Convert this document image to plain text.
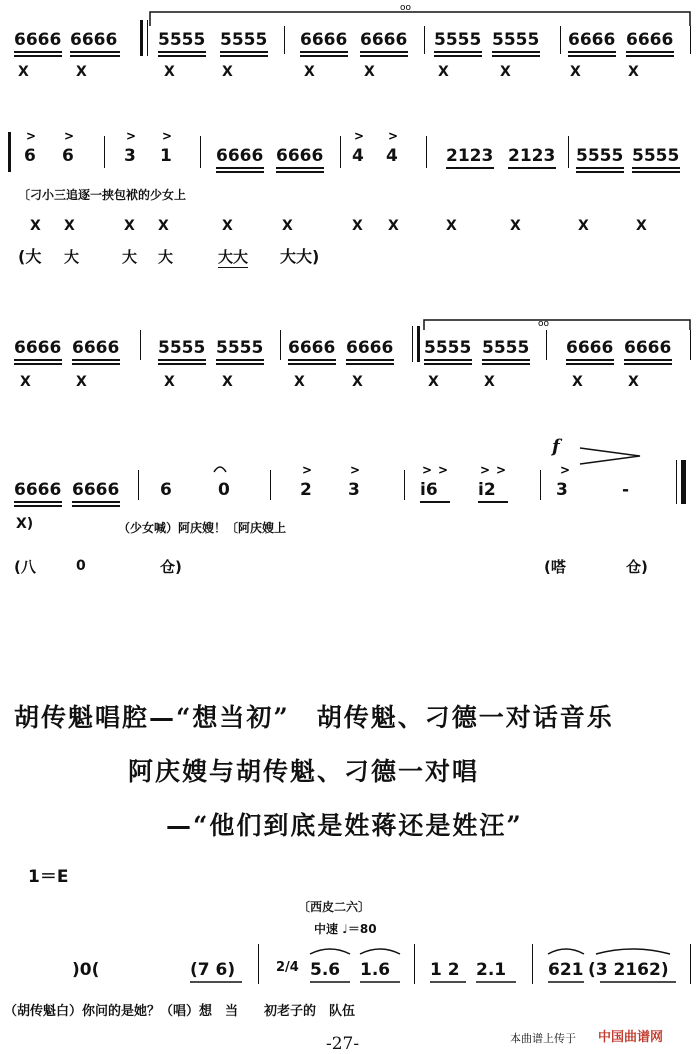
6666 6666 5555 5555 6666 6666 5555 5555 6666 6666
X	X	X	X	X	X	X	X	X	X
6 6	3 1	6666 6666 4 4	2123 2123 5555 5555
〔刁小三追逐一挟包袱的少女上
X X	X X	X	X	X X	X	X	X	X
(大 大	大 大	大大 大大)
6666 6666 5555 5555 6666 6666 5555 5555 6666 6666
X	X	X	X	X	X	X	X	X	X
6666 6666 6	0	2 3	i6 i2
f
3	-
X)	（少女喊）阿庆嫂！〔阿庆嫂上
(八	0	仓)	(嗒	仓)
胡传魁唱腔—“想当初”　胡传魁、刁德一对话音乐
阿庆嫂与胡传魁、刁德一对唱
—“他们到底是姓蒋还是姓汪”
1＝E
〔西皮二六〕
中速 ♩＝80
)0(	(7 6)	2/4 5.6 1.6 1 2 2.1 621 (3 2162)
（胡传魁白）你问的是她？（唱）想　当　　初老子的　队伍
-27-	本曲谱上传于 中国曲谱网
oo
> >	> >	> >
oo
>	>	> >	> >	>
